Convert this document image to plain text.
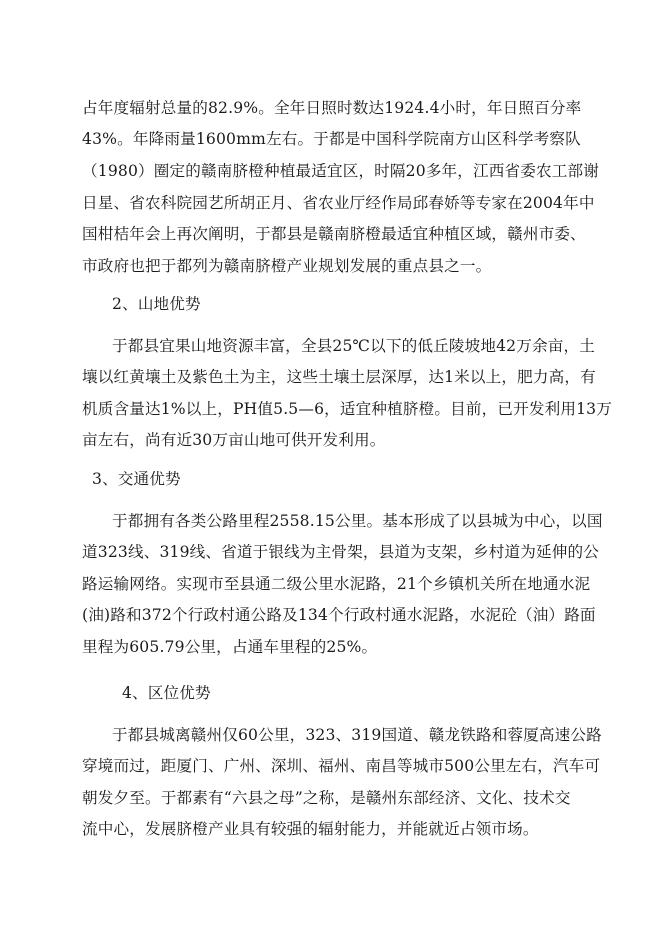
占年度辐射总量的82.9%。全年日照时数达1924.4小时，年日照百分率
43%。年降雨量1600mm左右。于都是中国科学院南方山区科学考察队
（1980）圈定的赣南脐橙种植最适宜区，时隔20多年，江西省委农工部谢
日星、省农科院园艺所胡正月、省农业厅经作局邱春娇等专家在2004年中
国柑桔年会上再次阐明，于都县是赣南脐橙最适宜种植区域，赣州市委、
市政府也把于都列为赣南脐橙产业规划发展的重点县之一。
2、山地优势
于都县宜果山地资源丰富，全县25℃以下的低丘陵坡地42万余亩，土
壤以红黄壤土及紫色土为主，这些土壤土层深厚，达1米以上，肥力高，有
机质含量达1%以上，PH值5.5—6，适宜种植脐橙。目前，已开发利用13万
亩左右，尚有近30万亩山地可供开发利用。
3、交通优势
于都拥有各类公路里程2558.15公里。基本形成了以县城为中心，以国
道323线、319线、省道于银线为主骨架，县道为支架，乡村道为延伸的公
路运输网络。实现市至县通二级公里水泥路，21个乡镇机关所在地通水泥
(油)路和372个行政村通公路及134个行政村通水泥路，水泥砼（油）路面
里程为605.79公里，占通车里程的25%。
4、区位优势
于都县城离赣州仅60公里，323、319国道、赣龙铁路和蓉厦高速公路
穿境而过，距厦门、广州、深圳、福州、南昌等城市500公里左右，汽车可
朝发夕至。于都素有“六县之母”之称，是赣州东部经济、文化、技术交
流中心，发展脐橙产业具有较强的辐射能力，并能就近占领市场。
